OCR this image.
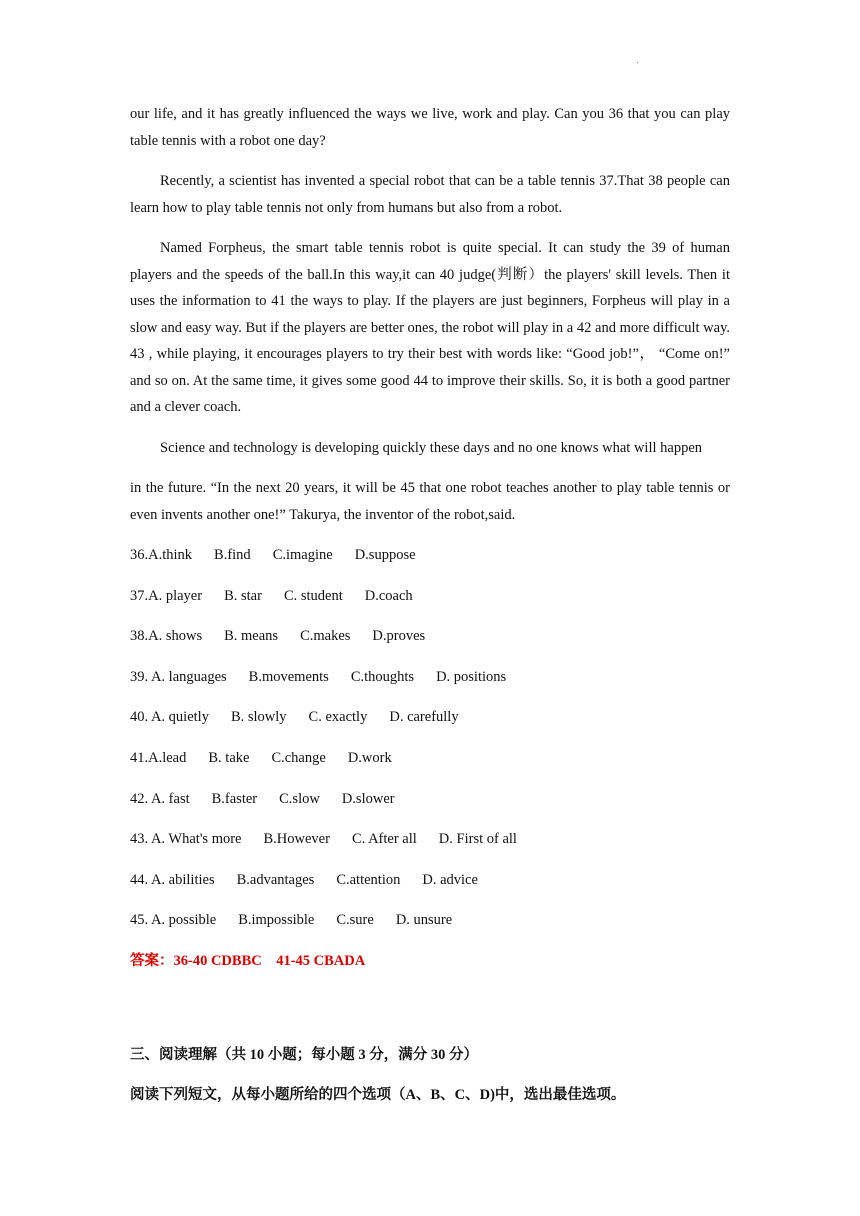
·

our life, and it has greatly influenced the ways we live, work and play. Can you 36 that you can play table tennis with a robot one day?

Recently, a scientist has invented a special robot that can be a table tennis 37.That 38 people can learn how to play table tennis not only from humans but also from a robot.

Named Forpheus, the smart table tennis robot is quite special. It can study the 39 of human players and the speeds of the ball.In this way,it can 40 judge(判断）the players' skill levels. Then it uses the information to 41 the ways to play. If the players are just beginners, Forpheus will play in a slow and easy way. But if the players are better ones, the robot will play in a 42 and more difficult way. 43 , while playing, it encourages players to try their best with words like: “Good job!”， “Come on!” and so on. At the same time, it gives some good 44 to improve their skills. So, it is both a good partner and a clever coach.

Science and technology is developing quickly these days and no one knows what will happen

in the future. “In the next 20 years, it will be 45 that one robot teaches another to play table tennis or even invents another one!” Takurya, the inventor of the robot,said.

36.A.think B.find C.imagine D.suppose
37.A. player B. star C. student D.coach
38.A. shows B. means C.makes D.proves
39. A. languages B.movements C.thoughts D. positions
40. A. quietly B. slowly C. exactly D. carefully
41.A.lead B. take C.change D.work
42. A. fast B.faster C.slow D.slower
43. A. What's more B.However C. After all D. First of all
44. A. abilities B.advantages C.attention D. advice
45. A. possible B.impossible C.sure D. unsure
答案：36-40 CDBBC    41-45 CBADA
三、阅读理解（共 10 小题；每小题 3 分，满分 30 分）
阅读下列短文，从每小题所给的四个选项（A、B、C、D)中，选出最佳选项。
